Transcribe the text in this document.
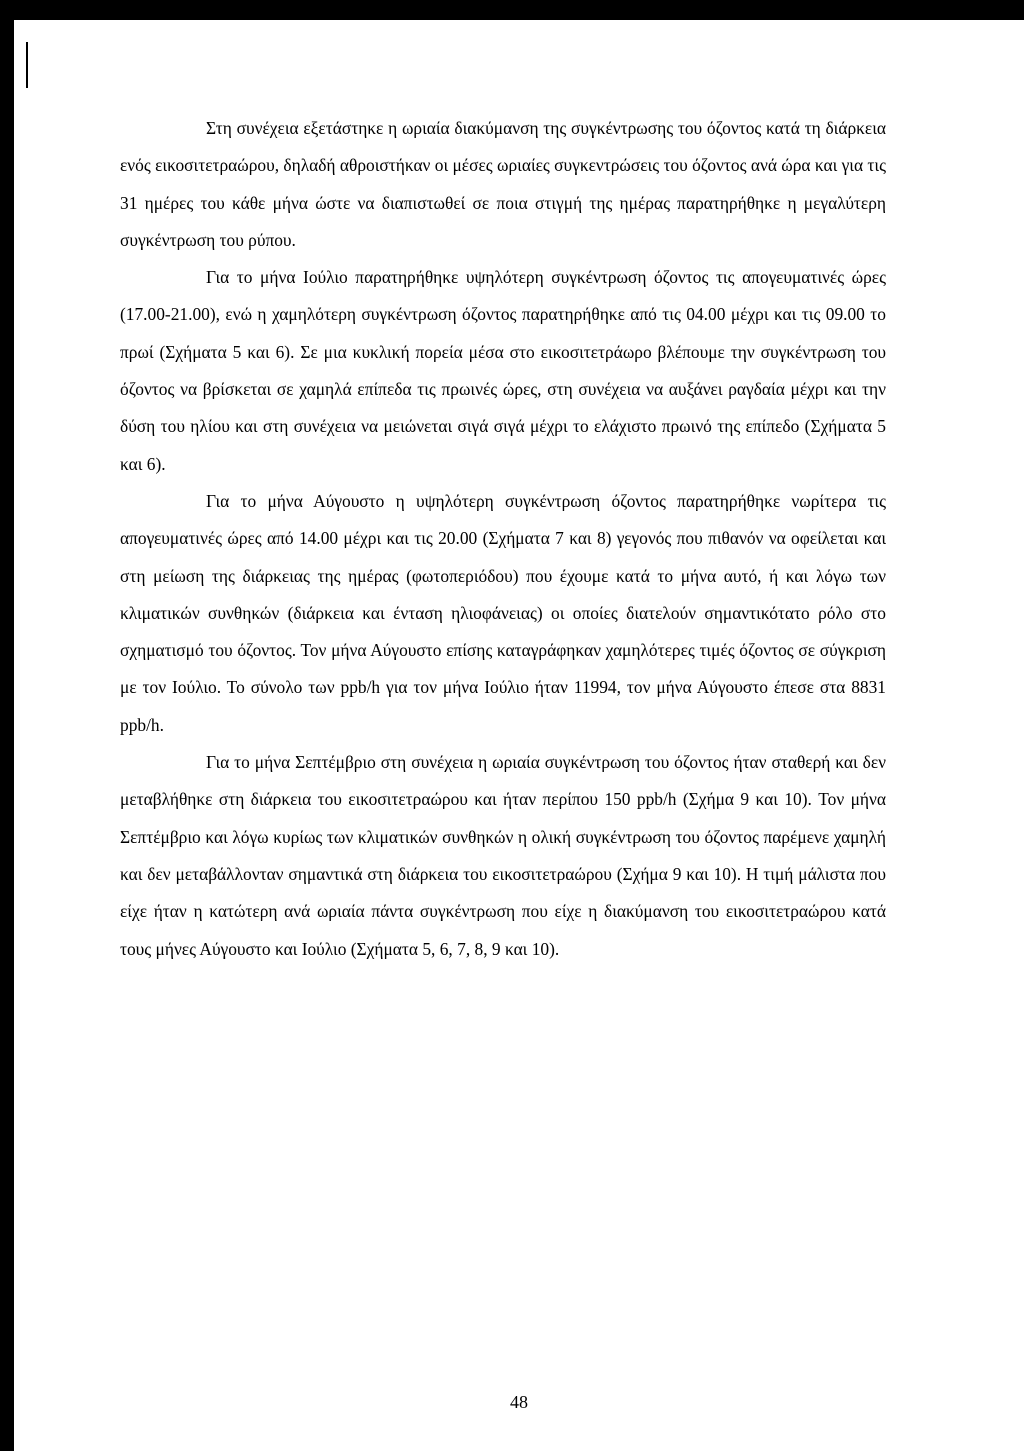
Στη συνέχεια εξετάστηκε η ωριαία διακύμανση της συγκέντρωσης του όζοντος κατά τη διάρκεια ενός εικοσιτετραώρου, δηλαδή αθροιστήκαν οι μέσες ωριαίες συγκεντρώσεις του όζοντος ανά ώρα και για τις 31 ημέρες του κάθε μήνα ώστε να διαπιστωθεί σε ποια στιγμή της ημέρας παρατηρήθηκε η μεγαλύτερη συγκέντρωση του ρύπου.

Για το μήνα Ιούλιο παρατηρήθηκε υψηλότερη συγκέντρωση όζοντος τις απογευματινές ώρες (17.00-21.00), ενώ η χαμηλότερη συγκέντρωση όζοντος παρατηρήθηκε από τις 04.00 μέχρι και τις 09.00 το πρωί (Σχήματα 5 και 6). Σε μια κυκλική πορεία μέσα στο εικοσιτετράωρο βλέπουμε την συγκέντρωση του όζοντος να βρίσκεται σε χαμηλά επίπεδα τις πρωινές ώρες, στη συνέχεια να αυξάνει ραγδαία μέχρι και την δύση του ηλίου και στη συνέχεια να μειώνεται σιγά σιγά μέχρι το ελάχιστο πρωινό της επίπεδο (Σχήματα 5 και 6).

Για το μήνα Αύγουστο η υψηλότερη συγκέντρωση όζοντος παρατηρήθηκε νωρίτερα τις απογευματινές ώρες από 14.00 μέχρι και τις 20.00 (Σχήματα 7 και 8) γεγονός που πιθανόν να οφείλεται και στη μείωση της διάρκειας της ημέρας (φωτοπεριόδου) που έχουμε κατά το μήνα αυτό, ή και λόγω των κλιματικών συνθηκών (διάρκεια και ένταση ηλιοφάνειας) οι οποίες διατελούν σημαντικότατο ρόλο στο σχηματισμό του όζοντος. Τον μήνα Αύγουστο επίσης καταγράφηκαν χαμηλότερες τιμές όζοντος σε σύγκριση με τον Ιούλιο. Το σύνολο των ppb/h για τον μήνα Ιούλιο ήταν 11994, τον μήνα Αύγουστο έπεσε στα 8831 ppb/h.

Για το μήνα Σεπτέμβριο στη συνέχεια η ωριαία συγκέντρωση του όζοντος ήταν σταθερή και δεν μεταβλήθηκε στη διάρκεια του εικοσιτετραώρου και ήταν περίπου 150 ppb/h (Σχήμα 9 και 10). Τον μήνα Σεπτέμβριο και λόγω κυρίως των κλιματικών συνθηκών η ολική συγκέντρωση του όζοντος παρέμενε χαμηλή και δεν μεταβάλλονταν σημαντικά στη διάρκεια του εικοσιτετραώρου (Σχήμα 9 και 10). Η τιμή μάλιστα που είχε ήταν η κατώτερη ανά ωριαία πάντα συγκέντρωση που είχε η διακύμανση του εικοσιτετραώρου κατά τους μήνες Αύγουστο και Ιούλιο (Σχήματα 5, 6, 7, 8, 9 και 10).

48
